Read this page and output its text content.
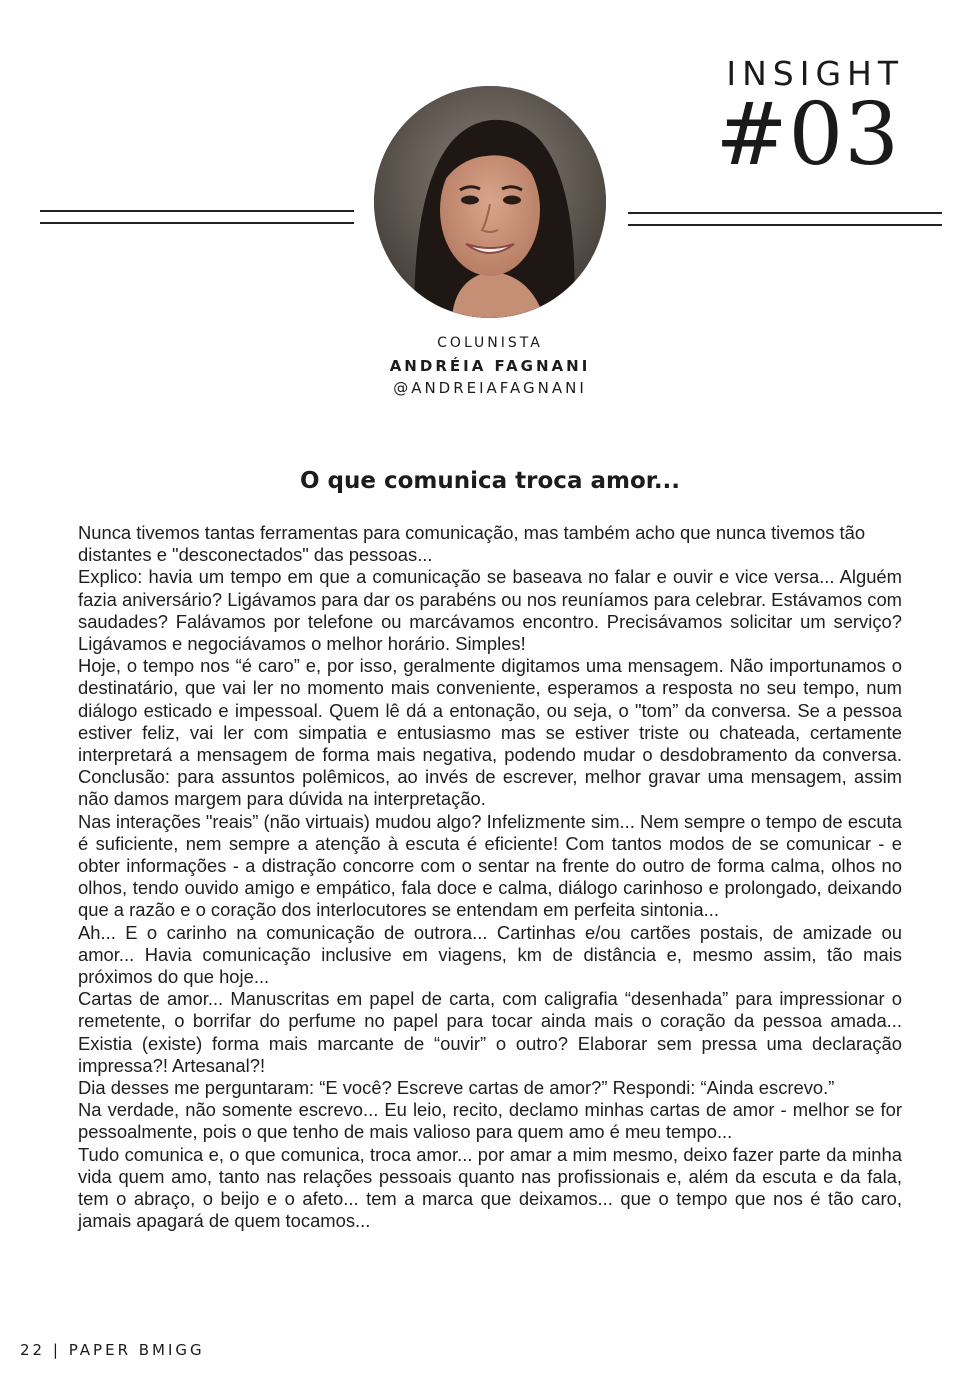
INSIGHT
#03
COLUNISTA
ANDRÉIA FAGNANI
@ANDREIAFAGNANI
O que comunica troca amor...

Nunca tivemos tantas ferramentas para comunicação, mas também acho que nunca tivemos tão distantes e "desconectados" das pessoas...

Explico: havia um tempo em que a comunicação se baseava no falar e ouvir e vice versa... Alguém fazia aniversário? Ligávamos para dar os parabéns ou nos reuníamos para celebrar. Estávamos com saudades? Falávamos por telefone ou marcávamos encontro. Precisávamos solicitar um serviço? Ligávamos e negociávamos o melhor horário. Simples!

Hoje, o tempo nos “é caro” e, por isso, geralmente digitamos uma mensagem. Não importunamos o destinatário, que vai ler no momento mais conveniente, esperamos a resposta no seu tempo, num diálogo esticado e impessoal. Quem lê dá a entonação, ou seja, o "tom” da conversa. Se a pessoa estiver feliz, vai ler com simpatia e entusiasmo mas se estiver triste ou chateada, certamente interpretará a mensagem de forma mais negativa, podendo mudar o desdobramento da conversa. Conclusão: para assuntos polêmicos, ao invés de escrever, melhor gravar uma mensagem, assim não damos margem para dúvida na interpretação.

Nas interações "reais” (não virtuais) mudou algo? Infelizmente sim... Nem sempre o tempo de escuta é suficiente, nem sempre a atenção à escuta é eficiente! Com tantos modos de se comunicar - e obter informações - a distração concorre com o sentar na frente do outro de forma calma, olhos no olhos, tendo ouvido amigo e empático, fala doce e calma, diálogo carinhoso e prolongado, deixando que a razão e o coração dos interlocutores se entendam em perfeita sintonia...

Ah... E o carinho na comunicação de outrora... Cartinhas e/ou cartões postais, de amizade ou amor... Havia comunicação inclusive em viagens, km de distância e, mesmo assim, tão mais próximos do que hoje...

Cartas de amor... Manuscritas em papel de carta, com caligrafia “desenhada” para impressionar o remetente, o borrifar do perfume no papel para tocar ainda mais o coração da pessoa amada... Existia (existe) forma mais marcante de “ouvir” o outro? Elaborar sem pressa uma declaração impressa?! Artesanal?!

Dia desses me perguntaram: “E você? Escreve cartas de amor?” Respondi: “Ainda escrevo.”

Na verdade, não somente escrevo... Eu leio, recito, declamo minhas cartas de amor - melhor se for pessoalmente, pois o que tenho de mais valioso para quem amo é meu tempo...

Tudo comunica e, o que comunica, troca amor... por amar a mim mesmo, deixo fazer parte da minha vida quem amo, tanto nas relações pessoais quanto nas profissionais e, além da escuta e da fala, tem o abraço, o beijo e o afeto... tem a marca que deixamos... que o tempo que nos é tão caro, jamais apagará de quem tocamos...

22 | PAPER BMIGG
